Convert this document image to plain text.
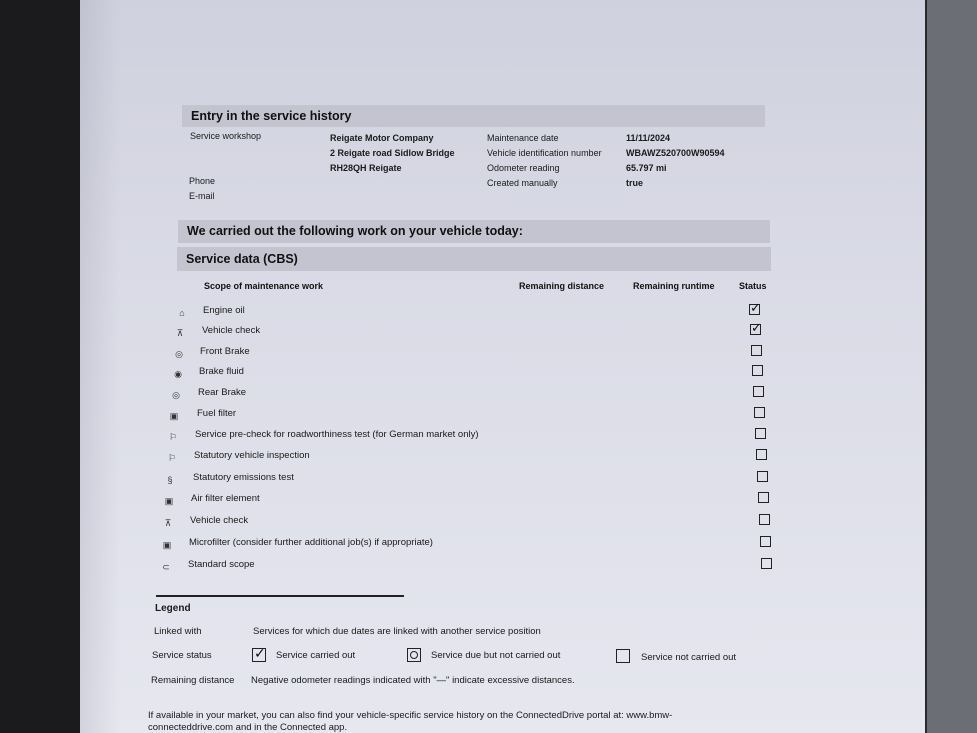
Entry in the service history
Service workshop	Reigate Motor Company
2 Reigate road Sidlow Bridge
RH28QH Reigate
Phone
E-mail
Maintenance date	11/11/2024
Vehicle identification number	WBAWZ520700W90594
Odometer reading	65.797 mi
Created manually	true
We carried out the following work on your vehicle today:
Service data (CBS)
Scope of maintenance work	Remaining distance	Remaining runtime	Status
⌂	Engine oil
✓
⊼	Vehicle check
✓
◎	Front Brake
◉	Brake fluid
◎	Rear Brake
▣ Fuel filter
⚐	Service pre-check for roadworthiness test (for German market only)
⚐	Statutory vehicle inspection
§	Statutory emissions test
▣ Air filter element
⊼	Vehicle check
▣ Microfilter (consider further additional job(s) if appropriate)
⊂	Standard scope
Legend
Linked with	Services for which due dates are linked with another service position
Service status
✓	Service carried out	Service due but not carried out	Service not carried out
Remaining distance Negative odometer readings indicated with "—" indicate excessive distances.
If available in your market, you can also find your vehicle-specific service history on the ConnectedDrive portal at: www.bmw-
connecteddrive.com and in the Connected app.
